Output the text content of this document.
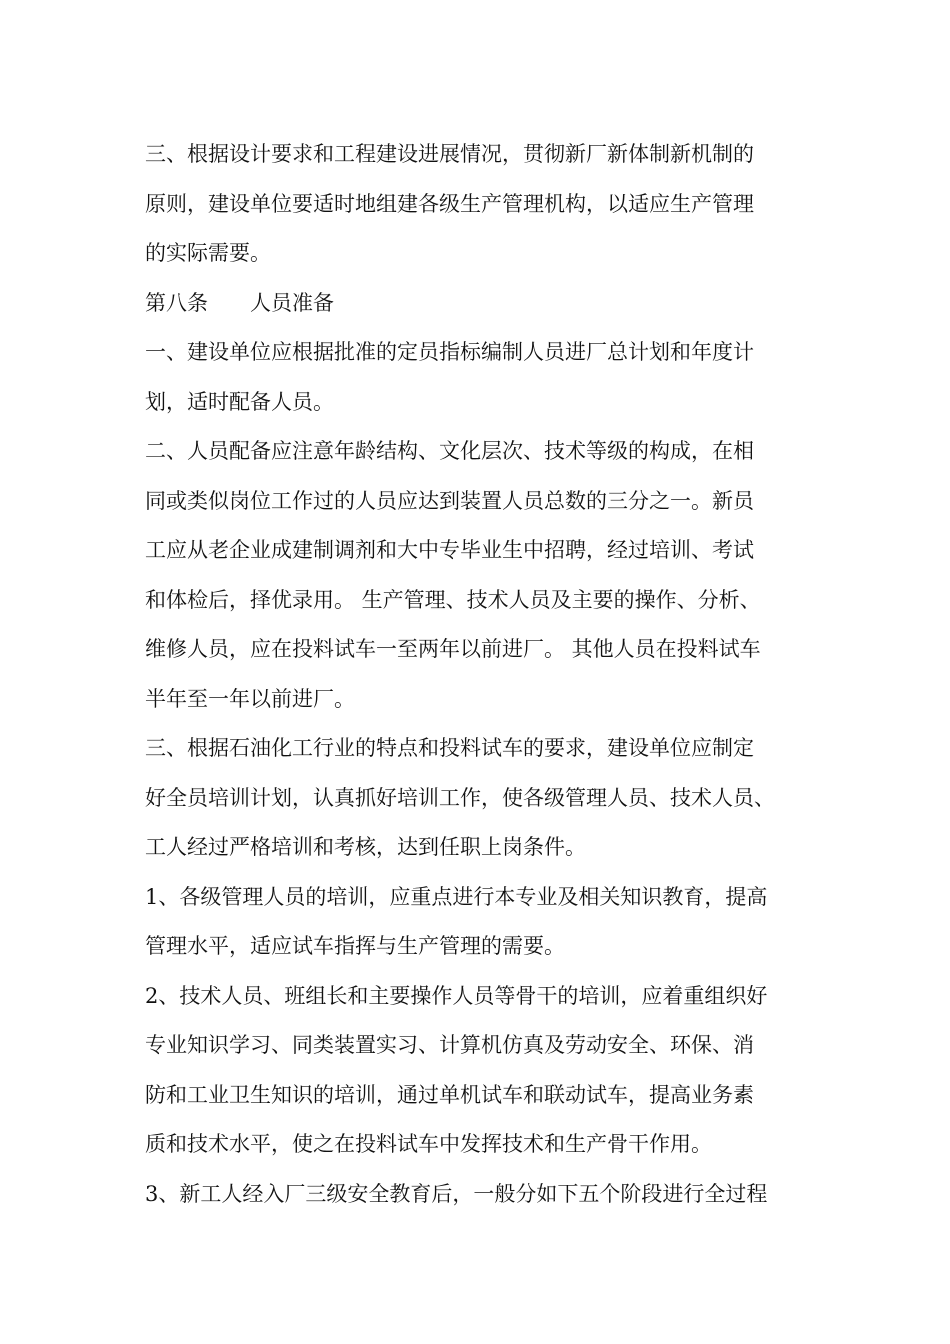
三、根据设计要求和工程建设进展情况，贯彻新厂新体制新机制的
原则，建设单位要适时地组建各级生产管理机构，以适应生产管理
的实际需要。
第八条　　人员准备
一、建设单位应根据批准的定员指标编制人员进厂总计划和年度计
划，适时配备人员。
二、人员配备应注意年龄结构、文化层次、技术等级的构成，在相
同或类似岗位工作过的人员应达到装置人员总数的三分之一。新员
工应从老企业成建制调剂和大中专毕业生中招聘，经过培训、考试
和体检后，择优录用。 生产管理、技术人员及主要的操作、分析、
维修人员，应在投料试车一至两年以前进厂。 其他人员在投料试车
半年至一年以前进厂。
三、根据石油化工行业的特点和投料试车的要求，建设单位应制定
好全员培训计划，认真抓好培训工作，使各级管理人员、技术人员、
工人经过严格培训和考核，达到任职上岗条件。
1、各级管理人员的培训，应重点进行本专业及相关知识教育，提高
管理水平，适应试车指挥与生产管理的需要。
2、技术人员、班组长和主要操作人员等骨干的培训，应着重组织好
专业知识学习、同类装置实习、计算机仿真及劳动安全、环保、消
防和工业卫生知识的培训，通过单机试车和联动试车，提高业务素
质和技术水平，使之在投料试车中发挥技术和生产骨干作用。
3、新工人经入厂三级安全教育后，一般分如下五个阶段进行全过程
